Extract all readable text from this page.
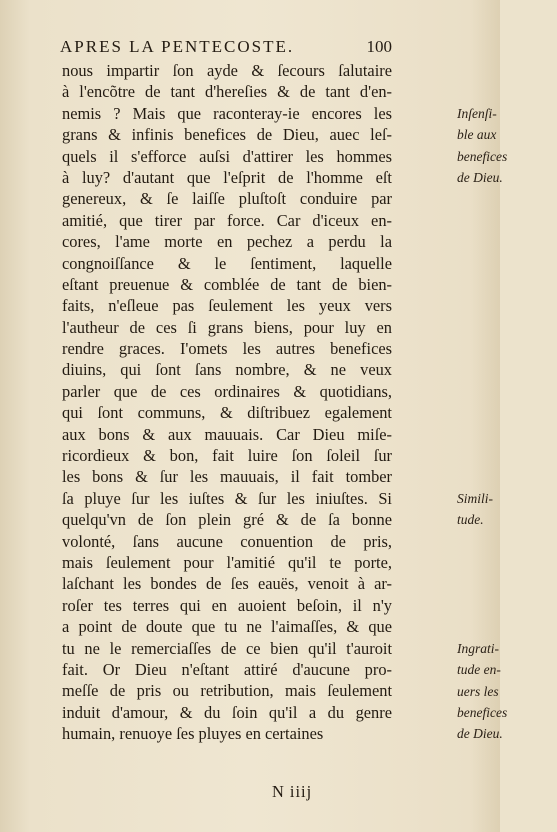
APRES LA PENTECOSTE.	100
nous impartir ſon ayde & ſecours ſalutaire
à l'encõtre de tant d'hereſies & de tant d'en-
nemis ? Mais que raconteray-ie encores les
grans & infinis benefices de Dieu, auec leſ-
quels il s'efforce auſsi d'attirer les hommes
à luy? d'autant que l'eſprit de l'homme eſt
genereux, & ſe laiſſe pluſtoſt conduire par
amitié, que tirer par force. Car d'iceux en-
cores, l'ame morte en pechez a perdu la
congnoiſſance & le ſentiment, laquelle
eſtant preuenue & comblée de tant de bien-
faits, n'eſleue pas ſeulement les yeux vers
l'autheur de ces ſi grans biens, pour luy en
rendre graces. I'omets les autres benefices
diuins, qui ſont ſans nombre, & ne veux
parler que de ces ordinaires & quotidians,
qui ſont communs, & diſtribuez egalement
aux bons & aux mauuais. Car Dieu miſe-
ricordieux & bon, fait luire ſon ſoleil ſur
les bons & ſur les mauuais, il fait tomber
ſa pluye ſur les iuſtes & ſur les iniuſtes. Si
quelqu'vn de ſon plein gré & de ſa bonne
volonté, ſans aucune conuention de pris,
mais ſeulement pour l'amitié qu'il te porte,
laſchant les bondes de ſes eauës, venoit à ar-
roſer tes terres qui en auoient beſoin, il n'y
a point de doute que tu ne l'aimaſſes, & que
tu ne le remerciaſſes de ce bien qu'il t'auroit
fait. Or Dieu n'eſtant attiré d'aucune pro-
meſſe de pris ou retribution, mais ſeulement
induit d'amour, & du ſoin qu'il a du genre
humain, renuoye ſes pluyes en certaines
Inſenſi-
ble aux
benefices
de Dieu.
Simili-
tude.
Ingrati-
tude en-
uers les
benefices
de Dieu.
N iiij
